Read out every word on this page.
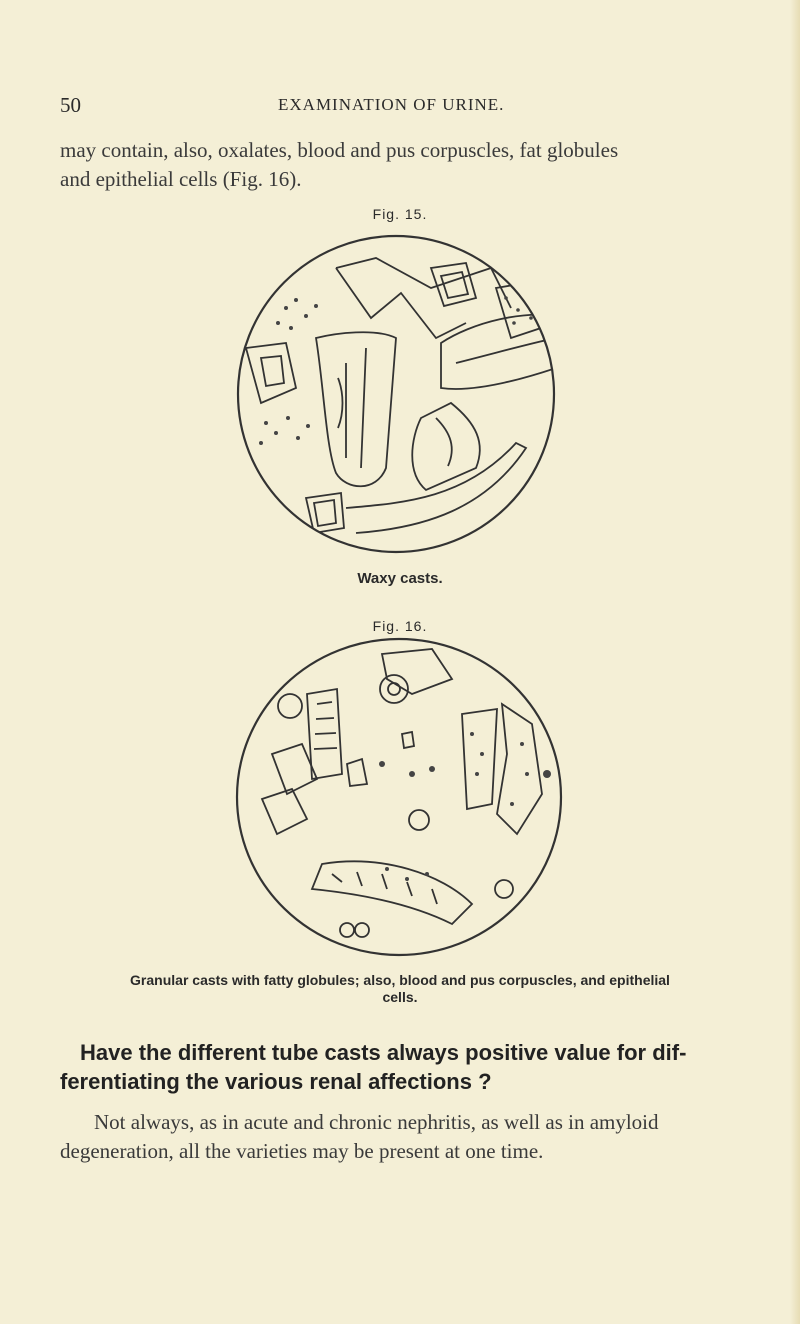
50	EXAMINATION OF URINE.

may contain, also, oxalates, blood and pus corpuscles, fat globules
and epithelial cells (Fig. 16).

Fig. 15.
Waxy casts.
Fig. 16.
Granular casts with fatty globules; also, blood and pus corpuscles, and epithelial
cells.

Have the different tube casts always positive value for dif-
ferentiating the various renal affections ?

Not always, as in acute and chronic nephritis, as well as in amyloid
degeneration, all the varieties may be present at one time.
